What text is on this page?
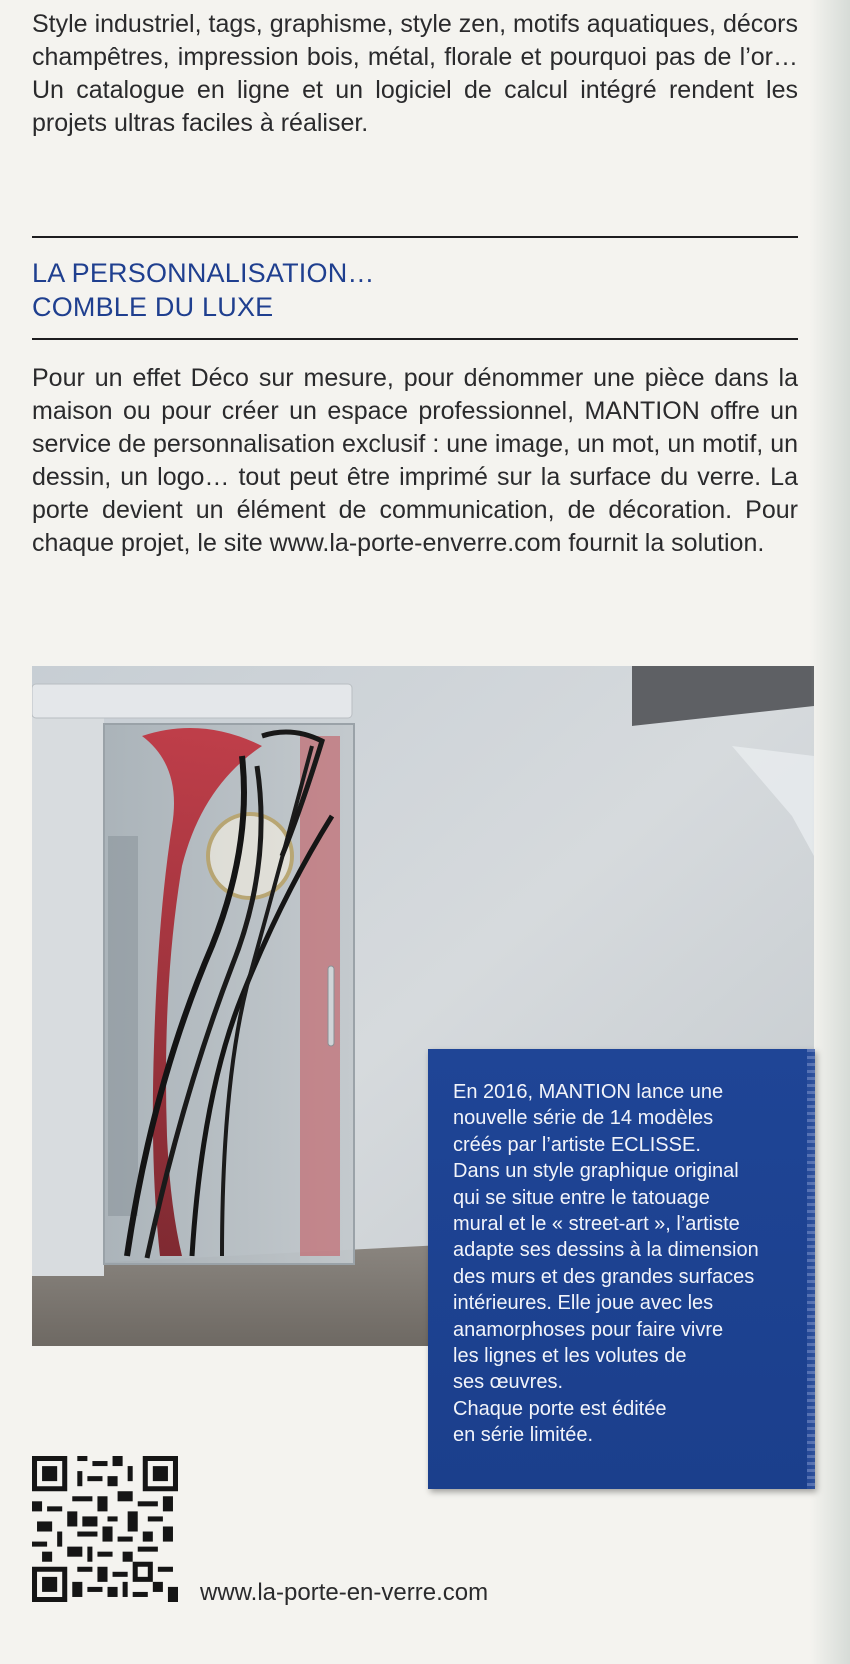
Style industriel, tags, graphisme, style zen, motifs aquatiques, décors champêtres, impression bois, métal, florale et pourquoi pas de l’or… Un catalogue en ligne et un logiciel de calcul intégré rendent les projets ultras faciles à réaliser.

LA PERSONNALISATION…
COMBLE DU LUXE

Pour un effet Déco sur mesure, pour dénommer une pièce dans la maison ou pour créer un espace professionnel, MANTION offre un service de personnalisation exclusif : une image, un mot, un motif, un dessin, un logo… tout peut être imprimé sur la surface du verre. La porte devient un élément de communication, de décoration. Pour chaque projet, le site www.la-porte-enverre.com fournit la solution.

En 2016, MANTION lance une
nouvelle série de 14 modèles
créés par l’artiste ECLISSE.
Dans un style graphique original
qui se situe entre le tatouage
mural et le « street-art », l’artiste
adapte ses dessins à la dimension
des murs et des grandes surfaces
intérieures. Elle joue avec les
anamorphoses pour faire vivre
les lignes et les volutes de
ses œuvres.
Chaque porte est éditée
en série limitée.

www.la-porte-en-verre.com
